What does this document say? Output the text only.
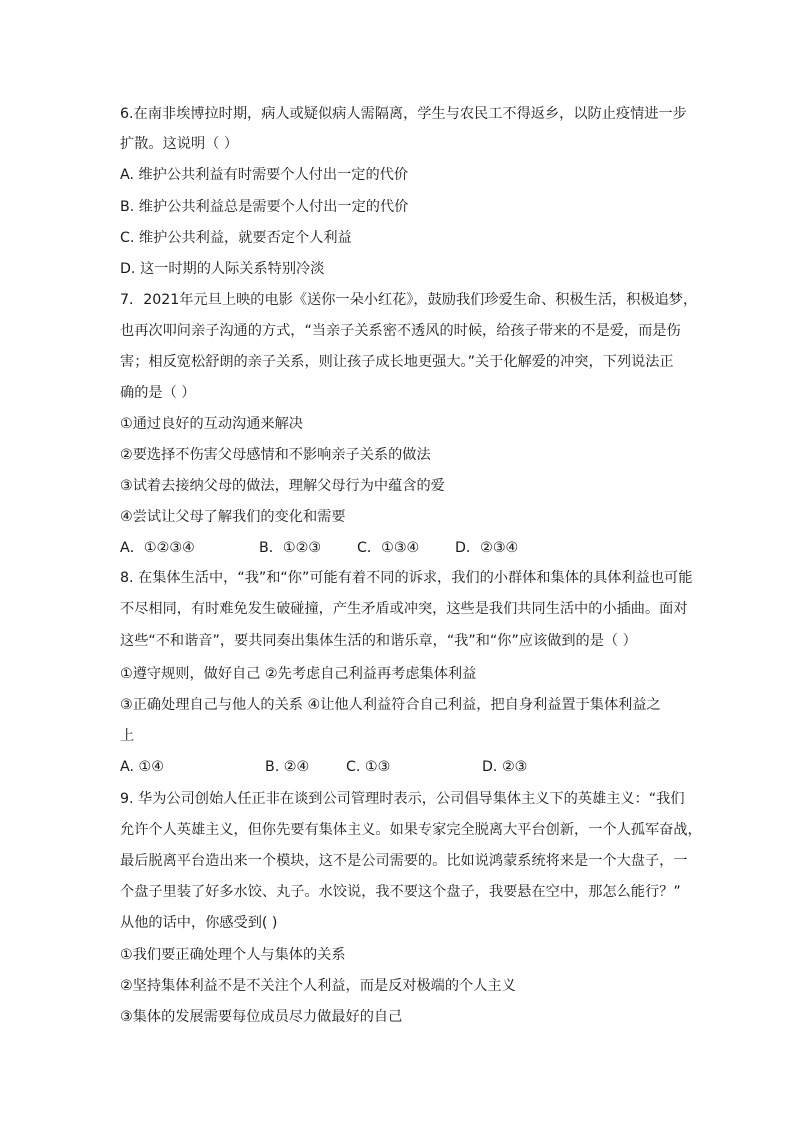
6.在南非埃博拉时期，病人或疑似病人需隔离，学生与农民工不得返乡，以防止疫情进一步
扩散。这说明（ ）
A. 维护公共利益有时需要个人付出一定的代价
B. 维护公共利益总是需要个人付出一定的代价
C. 维护公共利益，就要否定个人利益
D. 这一时期的人际关系特别冷淡
7．2021年元旦上映的电影《送你一朵小红花》，鼓励我们珍爱生命、积极生活，积极追梦，
也再次叩问亲子沟通的方式，“当亲子关系密不透风的时候，给孩子带来的不是爱，而是伤
害；相反宽松舒朗的亲子关系，则让孩子成长地更强大。”关于化解爱的冲突，下列说法正
确的是（ ）
①通过良好的互动沟通来解决
②要选择不伤害父母感情和不影响亲子关系的做法
③试着去接纳父母的做法，理解父母行为中蕴含的爱
④尝试让父母了解我们的变化和需要
A．①②③④	B．①②③	C．①③④	D．②③④
8. 在集体生活中，“我”和“你”可能有着不同的诉求，我们的小群体和集体的具体利益也可能
不尽相同，有时难免发生破碰撞，产生矛盾或冲突，这些是我们共同生活中的小插曲。面对
这些“不和谐音”，要共同奏出集体生活的和谐乐章，“我”和“你”应该做到的是（ ）
①遵守规则，做好自己 ②先考虑自己利益再考虑集体利益
③正确处理自己与他人的关系 ④让他人利益符合自己利益，把自身利益置于集体利益之
上
A. ①④	B. ②④	C. ①③	D. ②③
9. 华为公司创始人任正非在谈到公司管理时表示，公司倡导集体主义下的英雄主义：“我们
允许个人英雄主义，但你先要有集体主义。如果专家完全脱离大平台创新，一个人孤军奋战，
最后脱离平台造出来一个模块，这不是公司需要的。比如说鸿蒙系统将来是一个大盘子，一
个盘子里装了好多水饺、丸子。水饺说，我不要这个盘子，我要悬在空中，那怎么能行？”
从他的话中，你感受到( )
①我们要正确处理个人与集体的关系
②坚持集体利益不是不关注个人利益，而是反对极端的个人主义
③集体的发展需要每位成员尽力做最好的自己
